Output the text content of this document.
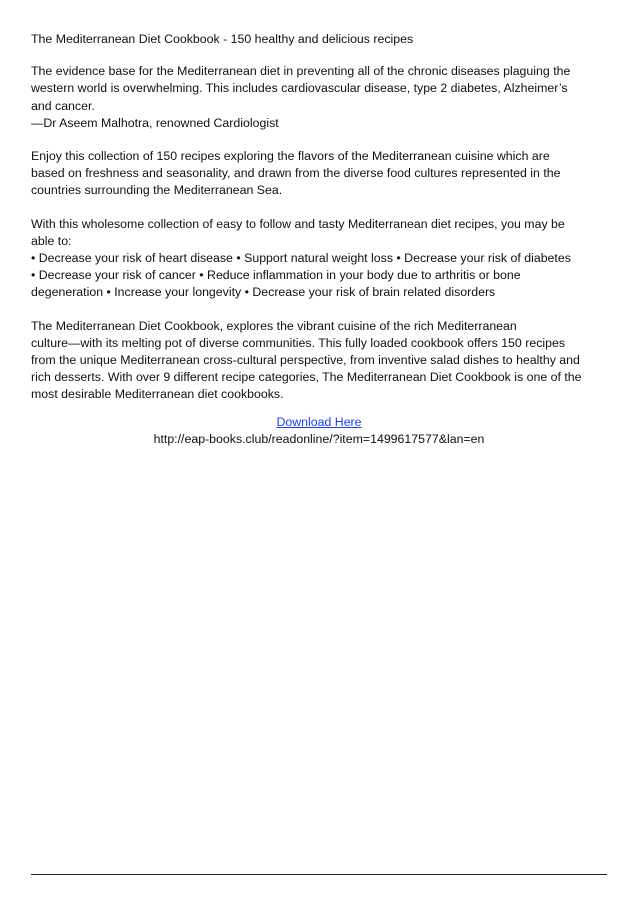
The Mediterranean Diet Cookbook - 150 healthy and delicious recipes
The evidence base for the Mediterranean diet in preventing all of the chronic diseases plaguing the
western world is overwhelming. This includes cardiovascular disease, type 2 diabetes, Alzheimer’s
and cancer.
—Dr Aseem Malhotra, renowned Cardiologist
Enjoy this collection of 150 recipes exploring the flavors of the Mediterranean cuisine which are
based on freshness and seasonality, and drawn from the diverse food cultures represented in the
countries surrounding the Mediterranean Sea.
With this wholesome collection of easy to follow and tasty Mediterranean diet recipes, you may be
able to:
• Decrease your risk of heart disease • Support natural weight loss • Decrease your risk of diabetes
• Decrease your risk of cancer • Reduce inflammation in your body due to arthritis or bone
degeneration • Increase your longevity • Decrease your risk of brain related disorders
The Mediterranean Diet Cookbook, explores the vibrant cuisine of the rich Mediterranean
culture—with its melting pot of diverse communities. This fully loaded cookbook offers 150 recipes
from the unique Mediterranean cross-cultural perspective, from inventive salad dishes to healthy and
rich desserts. With over 9 different recipe categories, The Mediterranean Diet Cookbook is one of the
most desirable Mediterranean diet cookbooks.
Download Here
http://eap-books.club/readonline/?item=1499617577&lan=en
